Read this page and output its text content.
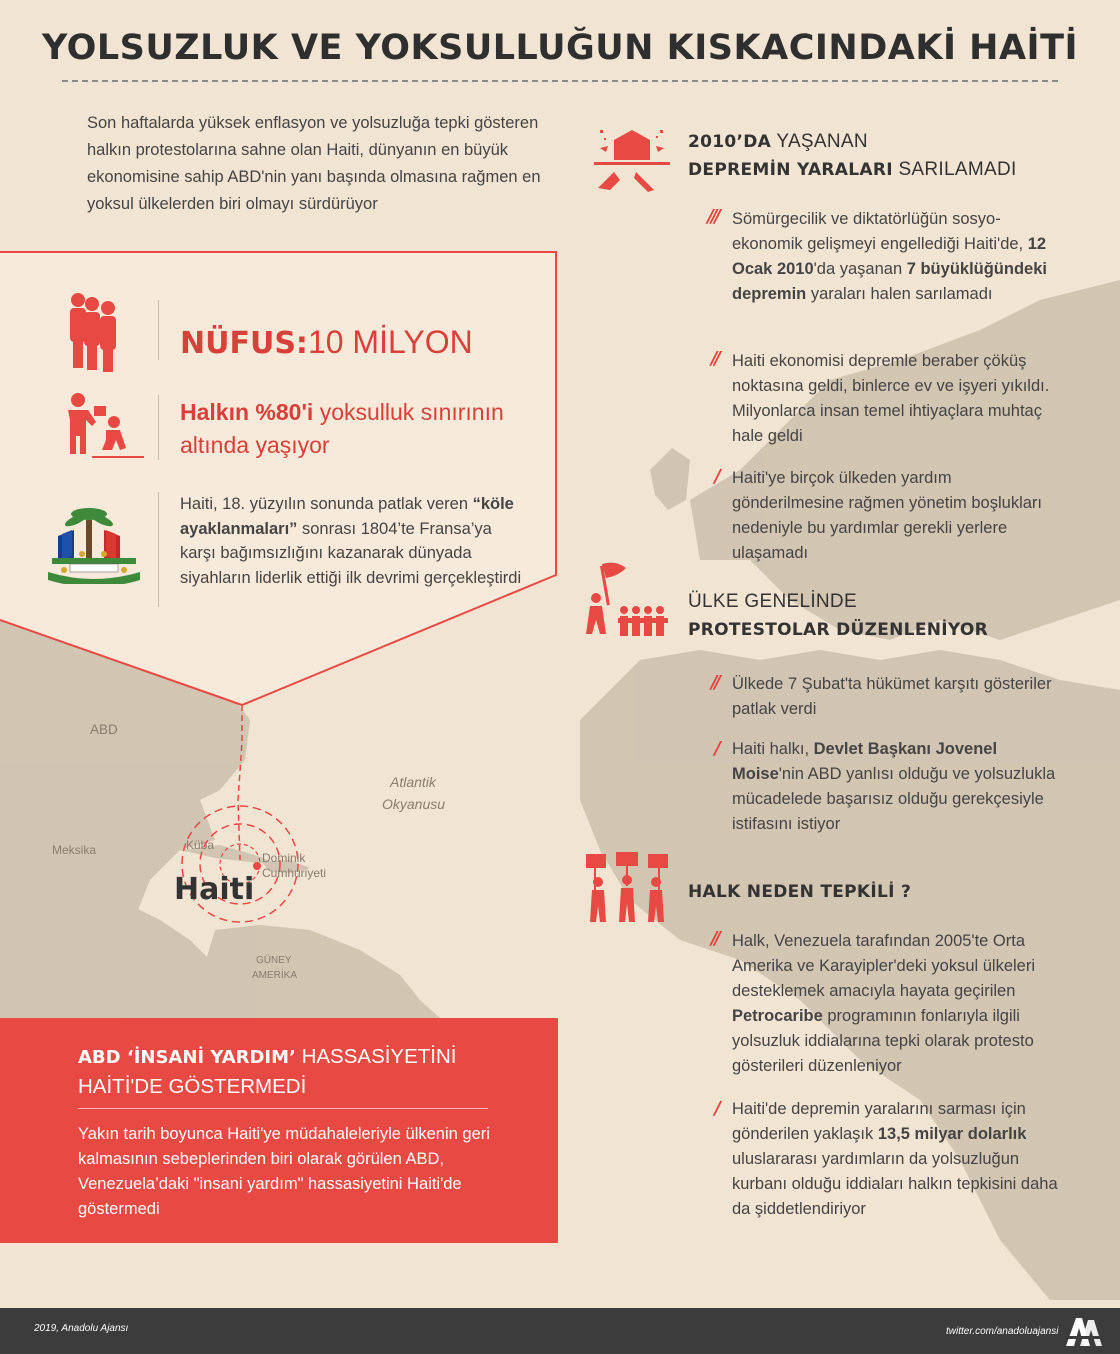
YOLSUZLUK VE YOKSULLUĞUN KISKACINDAKİ HAİTİ
Son haftalarda yüksek enflasyon ve yolsuzluğa tepki gösteren halkın protestolarına sahne olan Haiti, dünyanın en büyük ekonomisine sahip ABD'nin yanı başında olmasına rağmen en yoksul ülkelerden biri olmayı sürdürüyor
NÜFUS:10 MİLYON
Halkın %80'i yoksulluk sınırının altında yaşıyor
Haiti, 18. yüzyılın sonunda patlak veren “köle ayaklanmaları” sonrası 1804’te Fransa’ya karşı bağımsızlığını kazanarak dünyada siyahların liderlik ettiği ilk devrimi gerçekleştirdi
ABD
Atlantik
Okyanusu
Meksika	Küba
Dominik
Cumhuriyeti
Haiti
GÜNEY
AMERİKA
2010’DA YAŞANAN
DEPREMİN YARALARI SARILAMADI
/// Sömürgecilik ve diktatörlüğün sosyo-ekonomik gelişmeyi engellediği Haiti'de, 12 Ocak 2010'da yaşanan 7 büyüklüğündeki depremin yaraları halen sarılamadı
// Haiti ekonomisi depremle beraber çöküş noktasına geldi, binlerce ev ve işyeri yıkıldı. Milyonlarca insan temel ihtiyaçlara muhtaç hale geldi
/ Haiti'ye birçok ülkeden yardım gönderilmesine rağmen yönetim boşlukları nedeniyle bu yardımlar gerekli yerlere ulaşamadı
ÜLKE GENELİNDE
PROTESTOLAR DÜZENLENİYOR
// Ülkede 7 Şubat'ta hükümet karşıtı gösteriler patlak verdi
/ Haiti halkı, Devlet Başkanı Jovenel Moise'nin ABD yanlısı olduğu ve yolsuzlukla mücadelede başarısız olduğu gerekçesiyle istifasını istiyor
HALK NEDEN TEPKİLİ ?
// Halk, Venezuela tarafından 2005'te Orta Amerika ve Karayipler'deki yoksul ülkeleri desteklemek amacıyla hayata geçirilen Petrocaribe programının fonlarıyla ilgili yolsuzluk iddialarına tepki olarak protesto gösterileri düzenleniyor
/ Haiti'de depremin yaralarını sarması için gönderilen yaklaşık 13,5 milyar dolarlık uluslararası yardımların da yolsuzluğun kurbanı olduğu iddiaları halkın tepkisini daha da şiddetlendiriyor
ABD ‘İNSANİ YARDIM’ HASSASİYETİNİ HAİTİ'DE GÖSTERMEDİ
Yakın tarih boyunca Haiti'ye müdahaleleriyle ülkenin geri kalmasının sebeplerinden biri olarak görülen ABD, Venezuela’daki "insani yardım" hassasiyetini Haiti'de göstermedi
2019, Anadolu Ajansı	twitter.com/anadoluajansi
